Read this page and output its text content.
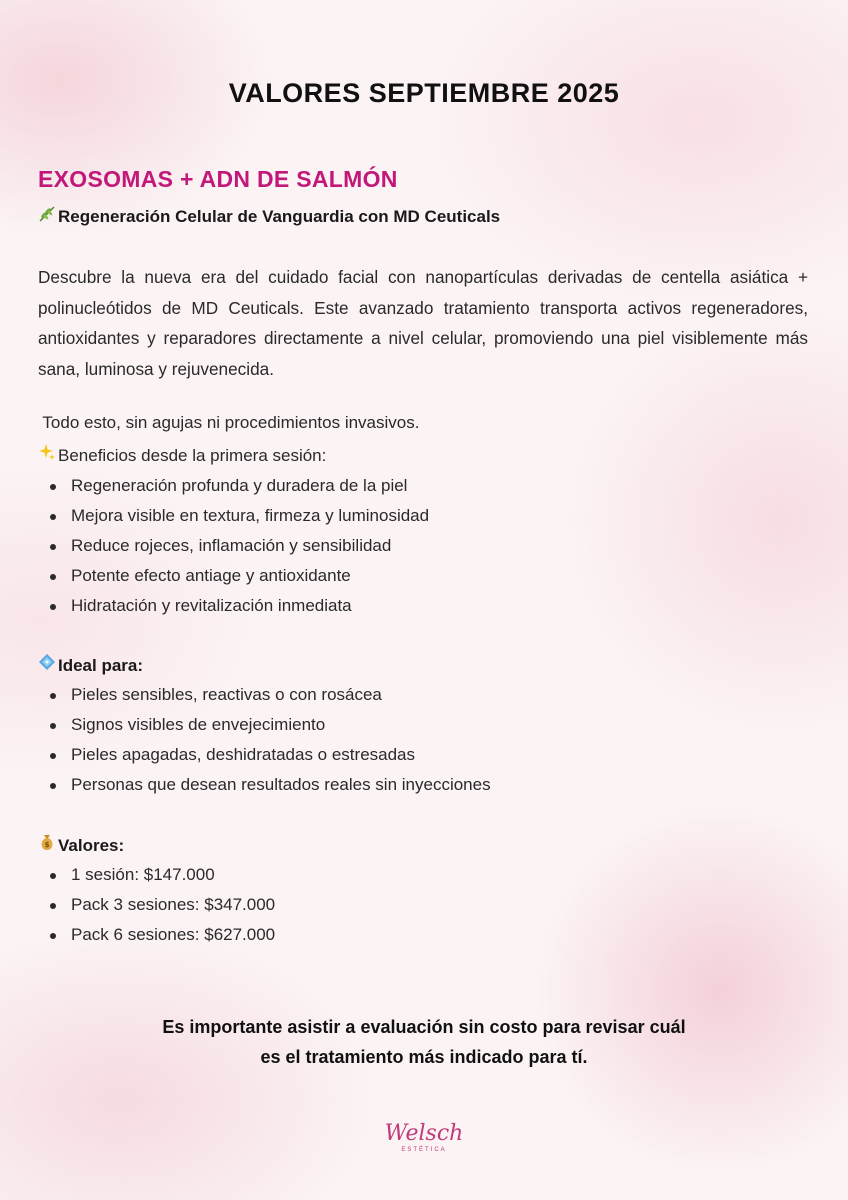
VALORES SEPTIEMBRE 2025
EXOSOMAS + ADN DE SALMÓN
Regeneración Celular de Vanguardia con MD Ceuticals
Descubre la nueva era del cuidado facial con nanopartículas derivadas de centella asiática + polinucleótidos de MD Ceuticals. Este avanzado tratamiento transporta activos regeneradores, antioxidantes y reparadores directamente a nivel celular, promoviendo una piel visiblemente más sana, luminosa y rejuvenecida.
Todo esto, sin agujas ni procedimientos invasivos.
Beneficios desde la primera sesión:
Regeneración profunda y duradera de la piel
Mejora visible en textura, firmeza y luminosidad
Reduce rojeces, inflamación y sensibilidad
Potente efecto antiage y antioxidante
Hidratación y revitalización inmediata
Ideal para:
Pieles sensibles, reactivas o con rosácea
Signos visibles de envejecimiento
Pieles apagadas, deshidratadas o estresadas
Personas que desean resultados reales sin inyecciones
$ Valores:
1 sesión: $147.000
Pack 3 sesiones: $347.000
Pack 6 sesiones: $627.000
Es importante asistir a evaluación sin costo para revisar cuál
es el tratamiento más indicado para tí.
Welsch
ESTÉTICA
